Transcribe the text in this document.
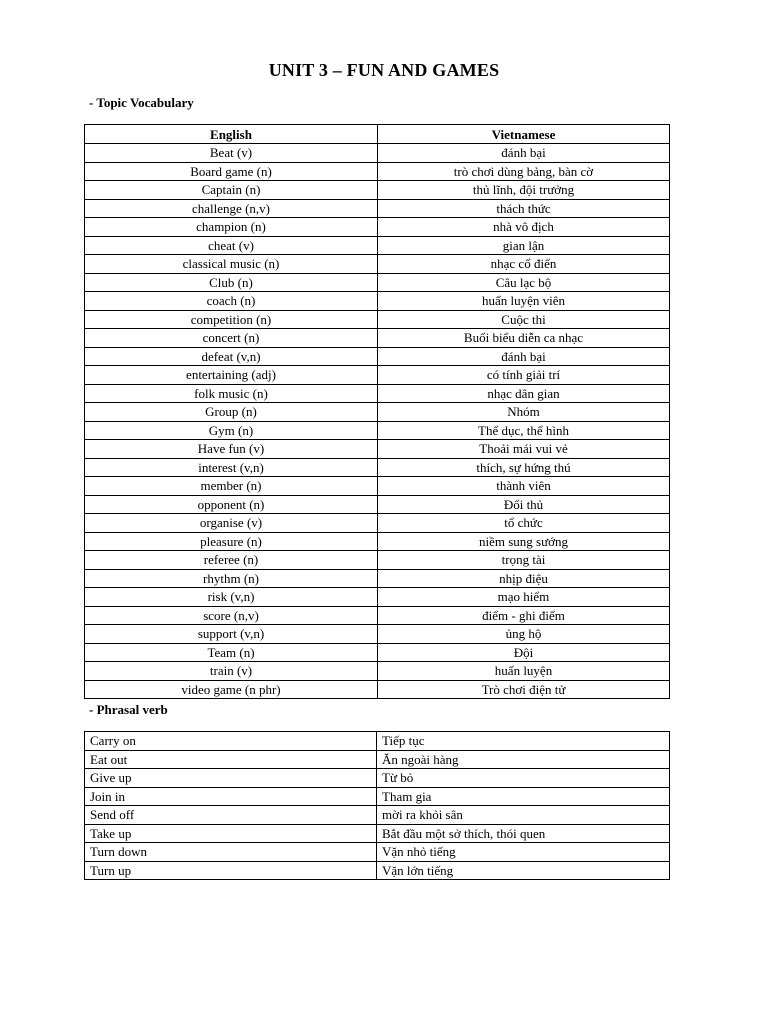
UNIT 3 – FUN AND GAMES
- Topic Vocabulary
English	Vietnamese
Beat (v)	đánh bại
Board game (n)	trò chơi dùng bảng, bàn cờ
Captain (n)	thủ lĩnh, đội trưởng
challenge (n,v)	thách thức
champion (n)	nhà vô địch
cheat (v)	gian lận
classical music (n)	nhạc cổ điển
Club (n)	Câu lạc bộ
coach (n)	huấn luyện viên
competition (n)	Cuộc thi
concert (n)	Buổi biểu diễn ca nhạc
defeat (v,n)	đánh bại
entertaining (adj)	có tính giải trí
folk music (n)	nhạc dân gian
Group (n)	Nhóm
Gym (n)	Thể dục, thể hình
Have fun (v)	Thoải mái vui vẻ
interest (v,n)	thích, sự hứng thú
member (n)	thành viên
opponent (n)	Đối thủ
organise (v)	tổ chức
pleasure (n)	niềm sung sướng
referee (n)	trọng tài
rhythm (n)	nhịp điệu
risk (v,n)	mạo hiểm
score (n,v)	điểm - ghi điểm
support (v,n)	ủng hộ
Team (n)	Đội
train (v)	huấn luyện
video game (n phr)	Trò chơi điện tử
- Phrasal verb
Carry on	Tiếp tục
Eat out	Ăn ngoài hàng
Give up	Từ bỏ
Join in	Tham gia
Send off	mời ra khỏi sân
Take up	Bắt đầu một sở thích, thói quen
Turn down	Vặn nhỏ tiếng
Turn up	Vặn lớn tiếng
